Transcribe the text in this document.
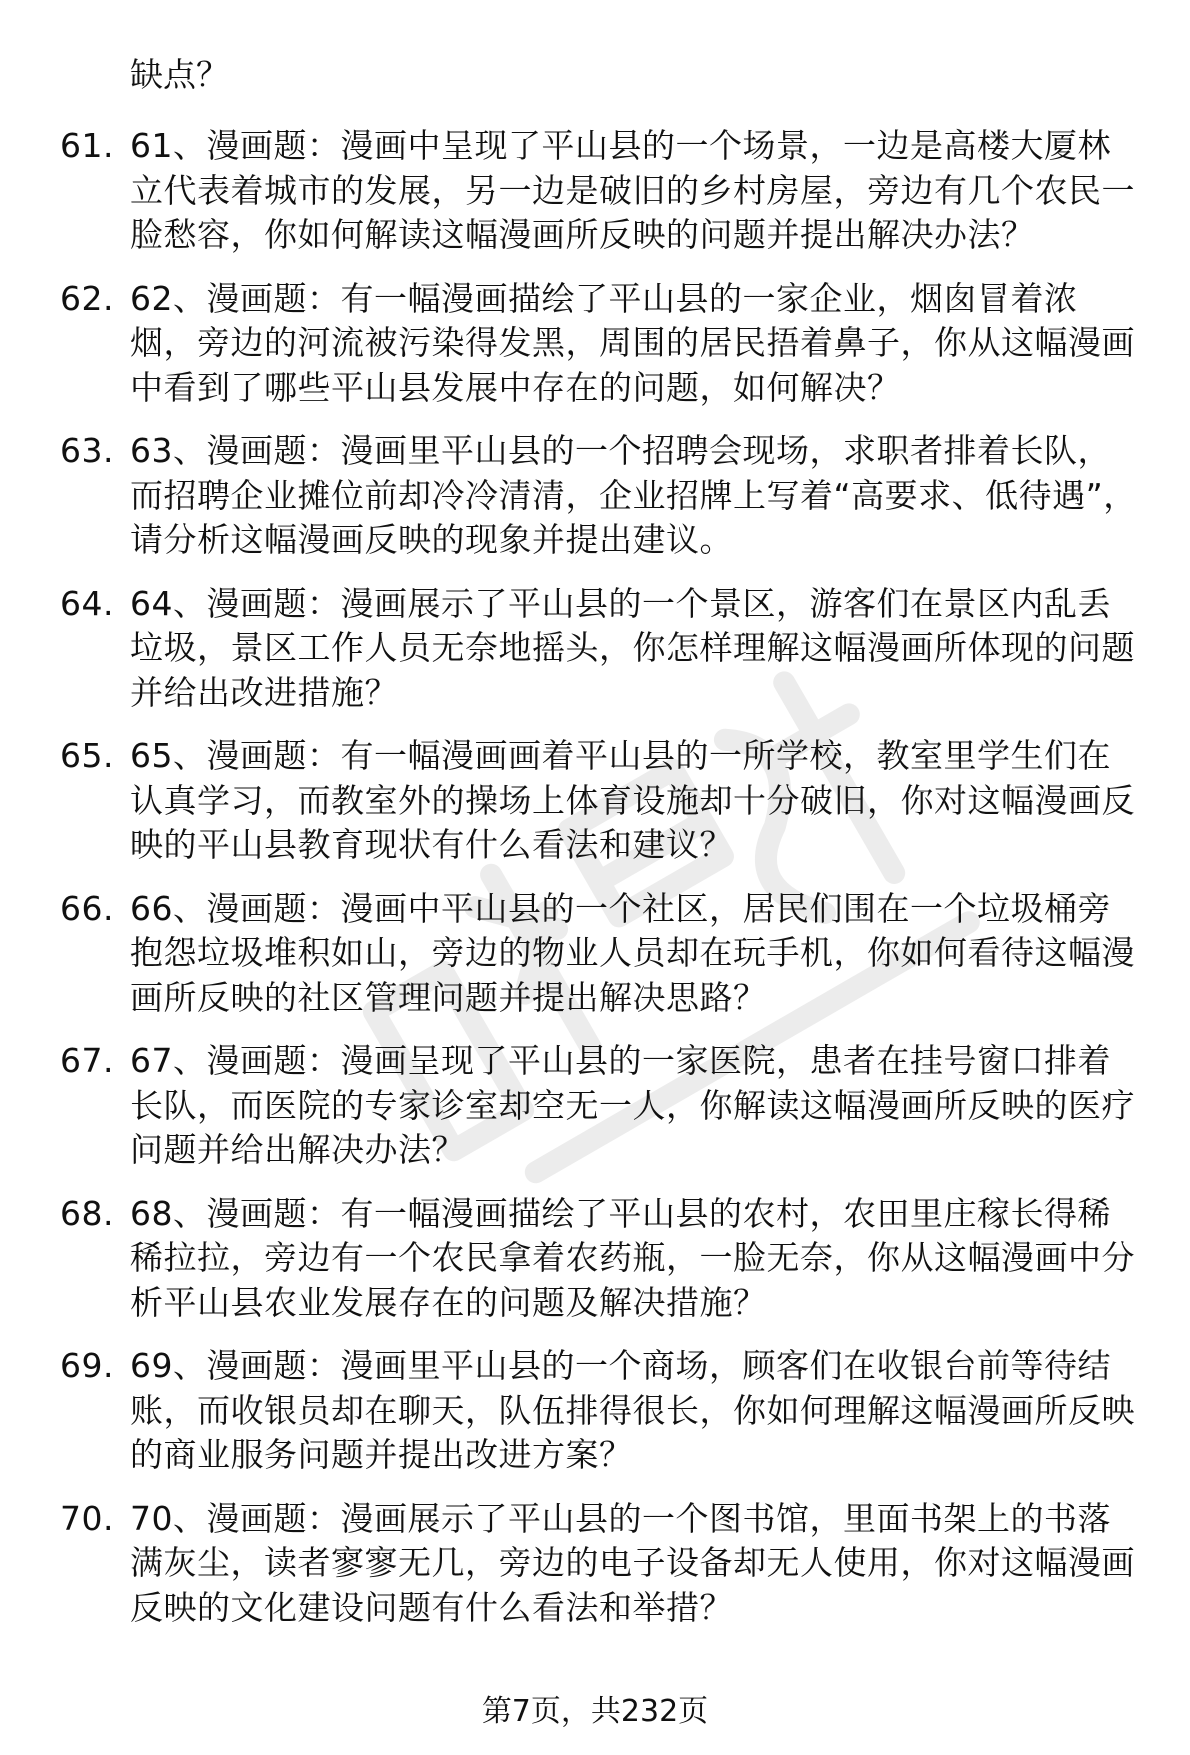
缺点？

61. 61、漫画题：漫画中呈现了平山县的一个场景，一边是高楼大厦林立代表着城市的发展，另一边是破旧的乡村房屋，旁边有几个农民一脸愁容，你如何解读这幅漫画所反映的问题并提出解决办法？
62. 62、漫画题：有一幅漫画描绘了平山县的一家企业，烟囱冒着浓烟，旁边的河流被污染得发黑，周围的居民捂着鼻子，你从这幅漫画中看到了哪些平山县发展中存在的问题，如何解决？
63. 63、漫画题：漫画里平山县的一个招聘会现场，求职者排着长队，而招聘企业摊位前却冷冷清清，企业招牌上写着“高要求、低待遇”，请分析这幅漫画反映的现象并提出建议。
64. 64、漫画题：漫画展示了平山县的一个景区，游客们在景区内乱丢垃圾，景区工作人员无奈地摇头，你怎样理解这幅漫画所体现的问题并给出改进措施？
65. 65、漫画题：有一幅漫画画着平山县的一所学校，教室里学生们在认真学习，而教室外的操场上体育设施却十分破旧，你对这幅漫画反映的平山县教育现状有什么看法和建议？
66. 66、漫画题：漫画中平山县的一个社区，居民们围在一个垃圾桶旁抱怨垃圾堆积如山，旁边的物业人员却在玩手机，你如何看待这幅漫画所反映的社区管理问题并提出解决思路？
67. 67、漫画题：漫画呈现了平山县的一家医院，患者在挂号窗口排着长队，而医院的专家诊室却空无一人，你解读这幅漫画所反映的医疗问题并给出解决办法？
68. 68、漫画题：有一幅漫画描绘了平山县的农村，农田里庄稼长得稀稀拉拉，旁边有一个农民拿着农药瓶，一脸无奈，你从这幅漫画中分析平山县农业发展存在的问题及解决措施？
69. 69、漫画题：漫画里平山县的一个商场，顾客们在收银台前等待结账，而收银员却在聊天，队伍排得很长，你如何理解这幅漫画所反映的商业服务问题并提出改进方案？
70. 70、漫画题：漫画展示了平山县的一个图书馆，里面书架上的书落满灰尘，读者寥寥无几，旁边的电子设备却无人使用，你对这幅漫画反映的文化建设问题有什么看法和举措？
第7页，共232页
